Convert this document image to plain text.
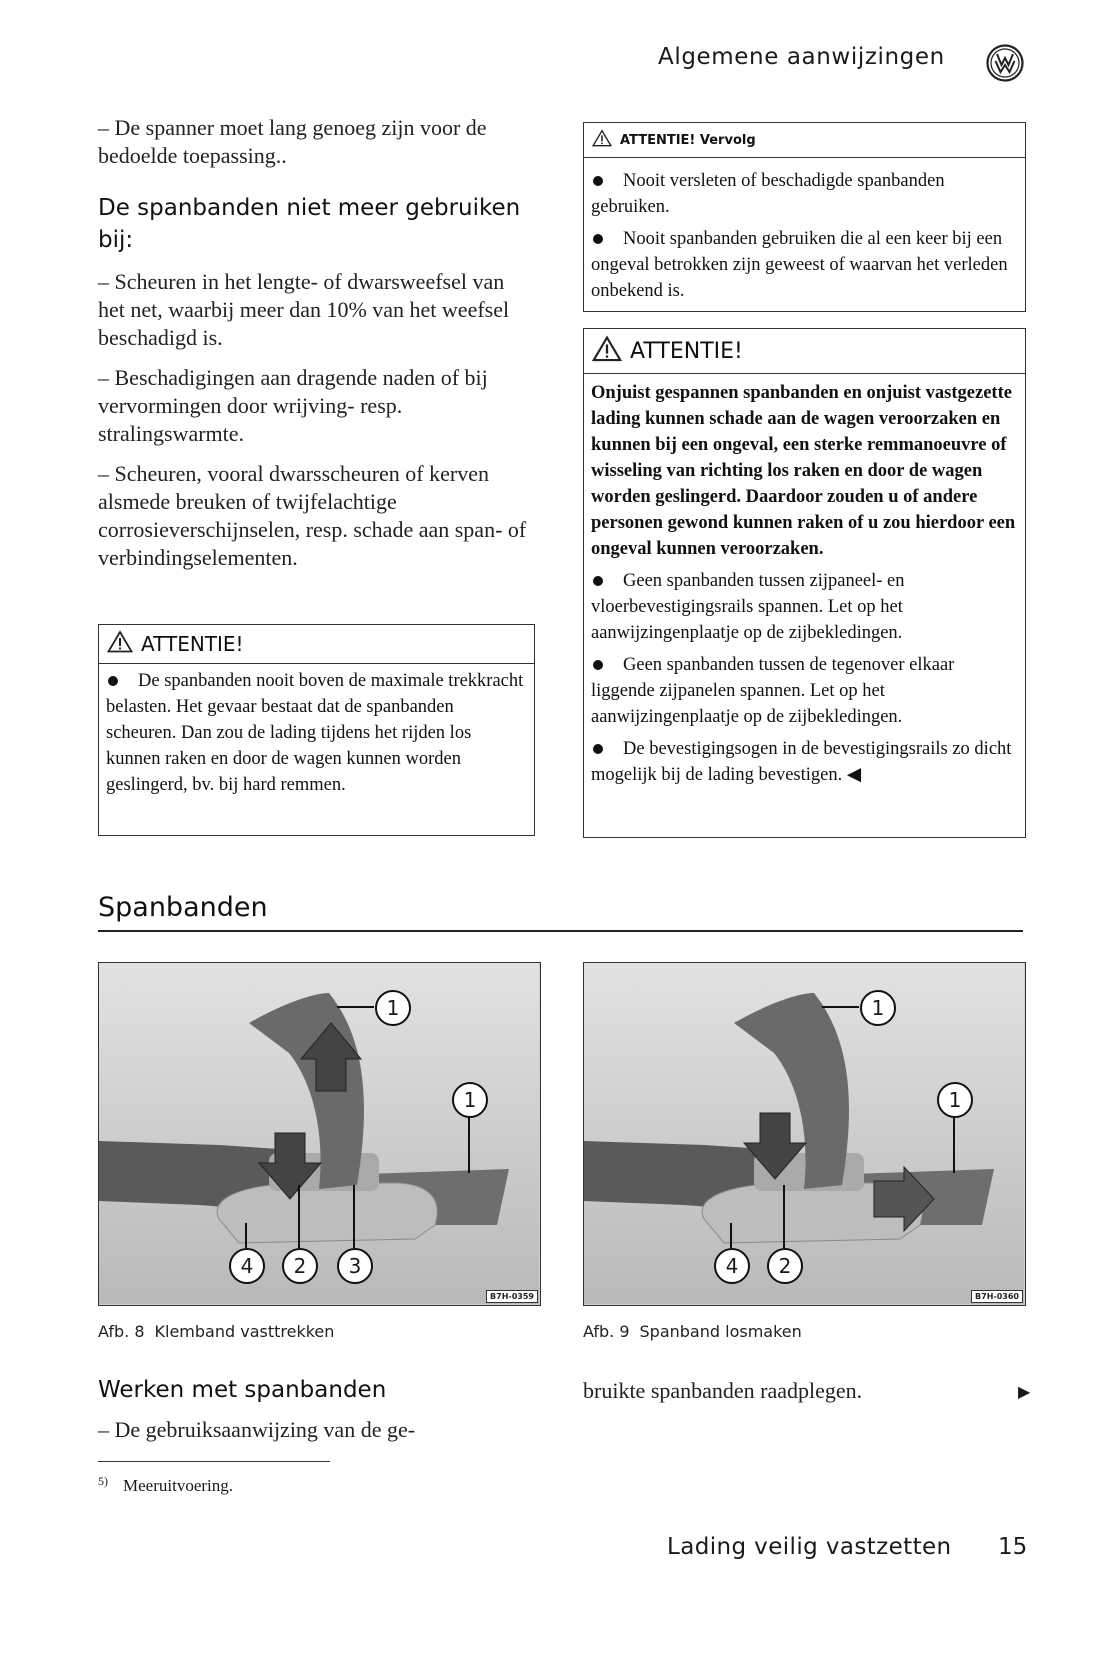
Algemene aanwijzingen

– De spanner moet lang genoeg zijn voor de bedoelde toepassing..

De spanbanden niet meer gebruiken bij:

– Scheuren in het lengte- of dwarsweefsel van het net, waarbij meer dan 10% van het weefsel beschadigd is.

– Beschadigingen aan dragende naden of bij vervormingen door wrijving- resp. stralingswarmte.

– Scheuren, vooral dwarsscheuren of kerven alsmede breuken of twijfelachtige corrosieverschijnselen, resp. schade aan span- of verbindingselementen.

ATTENTIE!

De spanbanden nooit boven de maximale trekkracht belasten. Het gevaar bestaat dat de spanbanden scheuren. Dan zou de lading tijdens het rijden los kunnen raken en door de wagen kunnen worden geslingerd, bv. bij hard remmen.

ATTENTIE! Vervolg

Nooit versleten of beschadigde spanbanden gebruiken.

Nooit spanbanden gebruiken die al een keer bij een ongeval betrokken zijn geweest of waarvan het verleden onbekend is.

ATTENTIE!

Onjuist gespannen spanbanden en onjuist vastgezette lading kunnen schade aan de wagen veroorzaken en kunnen bij een ongeval, een sterke remmanoeuvre of wisseling van richting los raken en door de wagen worden geslingerd. Daardoor zouden u of andere personen gewond kunnen raken of u zou hierdoor een ongeval kunnen veroorzaken.

Geen spanbanden tussen zijpaneel- en vloerbevestigingsrails spannen. Let op het aanwijzingenplaatje op de zijbekledingen.

Geen spanbanden tussen de tegenover elkaar liggende zijpanelen spannen. Let op het aanwijzingenplaatje op de zijbekledingen.

De bevestigingsogen in de bevestigingsrails zo dicht mogelijk bij de lading bevestigen. ◀

Spanbanden
1
1
4	2	3
B7H-0359
Afb. 8 Klemband vasttrekken
1
1
4	2
B7H-0360
Afb. 9 Spanband losmaken
Werken met spanbanden
– De gebruiksaanwijzing van de ge-
bruikte spanbanden raadplegen.	▶
5) Meeruitvoering.
Lading veilig vastzetten 15
